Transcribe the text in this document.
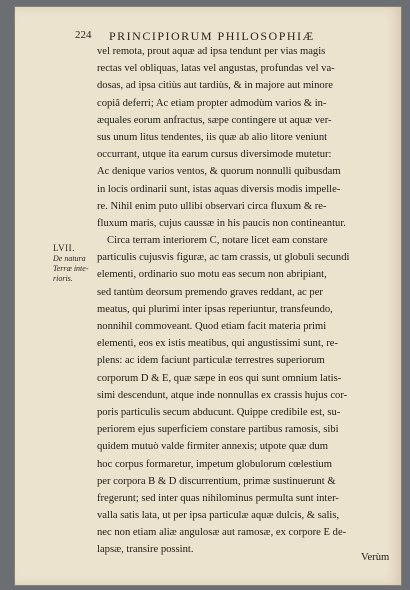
224 PRINCIPIORUM PHILOSOPHIÆ
LVII.
De natura
Terræ inte-
rioris.
vel remota, prout aquæ ad ipsa tendunt per vias magis
rectas vel obliquas, latas vel angustas, profundas vel va-
dosas, ad ipsa citiùs aut tardiùs, & in majore aut minore
copiâ deferri; Ac etiam propter admodùm varios & in-
æquales eorum anfractus, sæpe contingere ut aquæ ver-
sus unum litus tendentes, iis quæ ab alio litore veniunt
occurrant, utque ita earum cursus diversimode mutetur:
Ac denique varios ventos, & quorum nonnulli quibusdam
in locis ordinarii sunt, istas aquas diversis modis impelle-
re. Nihil enim puto ullibi observari circa fluxum & re-
fluxum maris, cujus caussæ in his paucis non contineantur.
Circa terram interiorem C, notare licet eam constare
particulis cujusvis figuræ, ac tam crassis, ut globuli secundi
elementi, ordinario suo motu eas secum non abripiant,
sed tantùm deorsum premendo graves reddant, ac per
meatus, qui plurimi inter ipsas reperiuntur, transfeundo,
nonnihil commoveant. Quod etiam facit materia primi
elementi, eos ex istis meatibus, qui angustissimi sunt, re-
plens: ac idem faciunt particulæ terrestres superiorum
corporum D & E, quæ sæpe in eos qui sunt omnium latis-
simi descendunt, atque inde nonnullas ex crassis hujus cor-
poris particulis secum abducunt. Quippe credibile est, su-
periorem ejus superficiem constare partibus ramosis, sibi
quidem mutuò valde firmiter annexis; utpote quæ dum
hoc corpus formaretur, impetum globulorum cœlestium
per corpora B & D discurrentium, primæ sustinuerunt &
fregerunt; sed inter quas nihilominus permulta sunt inter-
valla satis lata, ut per ipsa particulæ aquæ dulcis, & salis,
nec non etiam aliæ angulosæ aut ramosæ, ex corpore E de-
lapsæ, transire possint.
Verùm
